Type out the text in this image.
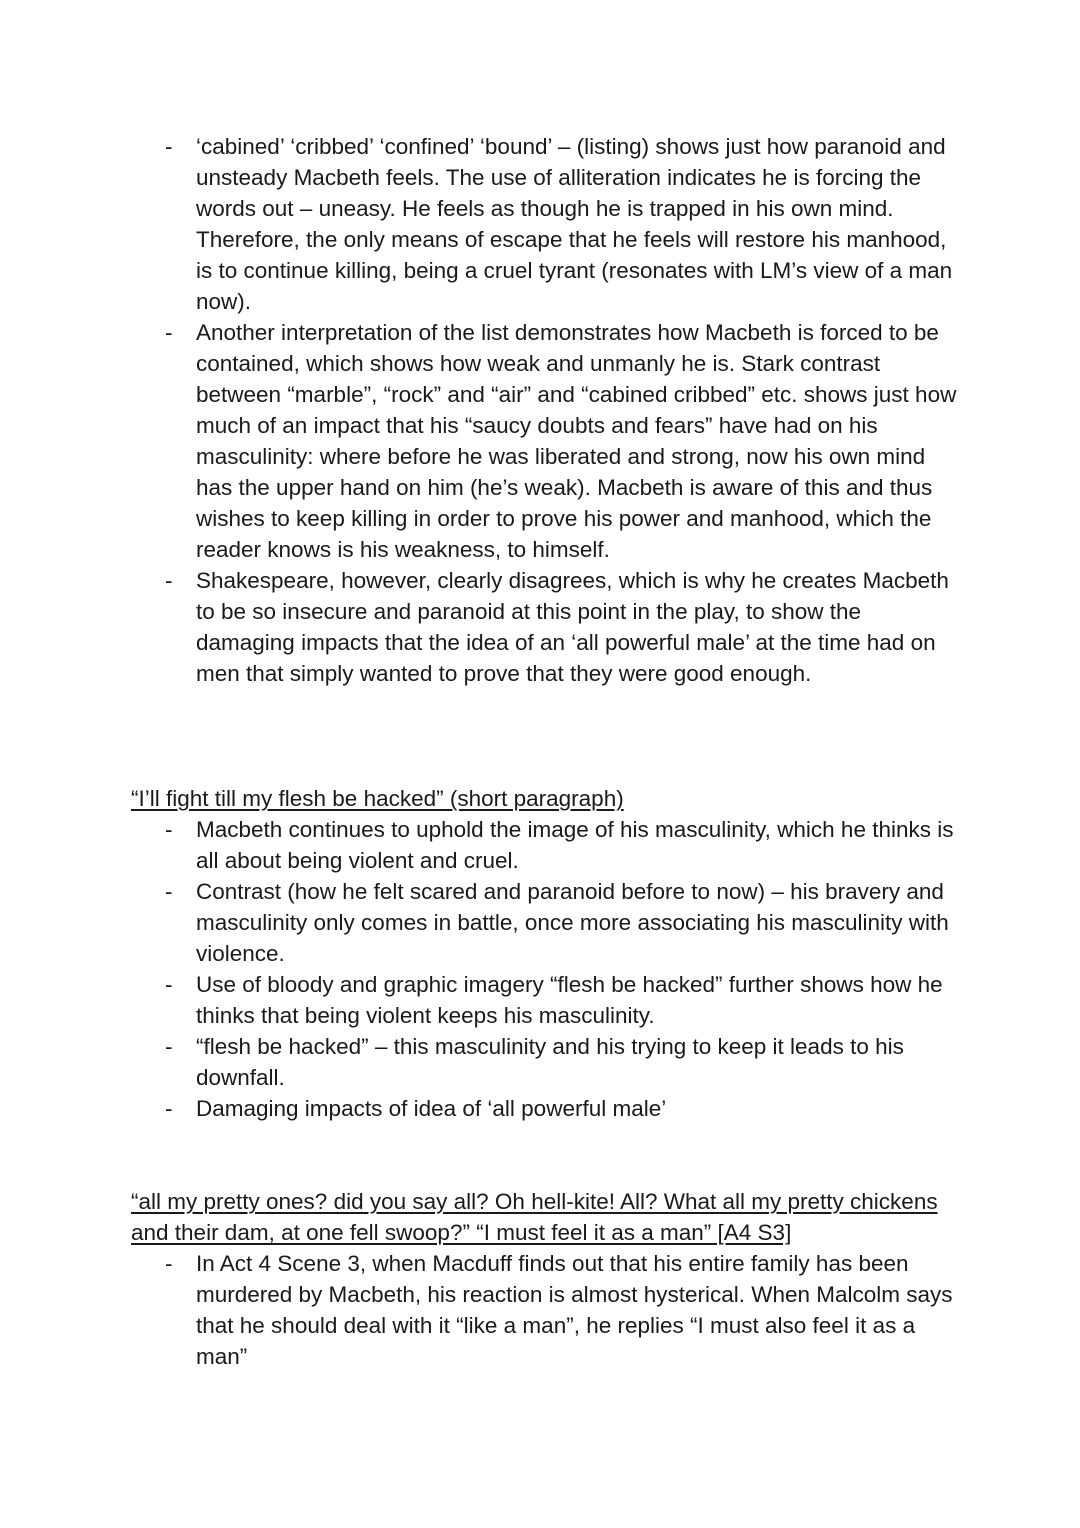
-	‘cabined’ ‘cribbed’ ‘confined’ ‘bound’ – (listing) shows just how paranoid and unsteady Macbeth feels. The use of alliteration indicates he is forcing the words out – uneasy. He feels as though he is trapped in his own mind. Therefore, the only means of escape that he feels will restore his manhood, is to continue killing, being a cruel tyrant (resonates with LM’s view of a man now).
-	Another interpretation of the list demonstrates how Macbeth is forced to be contained, which shows how weak and unmanly he is. Stark contrast between “marble”, “rock” and “air” and “cabined cribbed” etc. shows just how much of an impact that his “saucy doubts and fears” have had on his masculinity: where before he was liberated and strong, now his own mind has the upper hand on him (he’s weak). Macbeth is aware of this and thus wishes to keep killing in order to prove his power and manhood, which the reader knows is his weakness, to himself.
-	Shakespeare, however, clearly disagrees, which is why he creates Macbeth to be so insecure and paranoid at this point in the play, to show the damaging impacts that the idea of an ‘all powerful male’ at the time had on men that simply wanted to prove that they were good enough.
“I’ll fight till my flesh be hacked” (short paragraph)
-	Macbeth continues to uphold the image of his masculinity, which he thinks is all about being violent and cruel.
-	Contrast (how he felt scared and paranoid before to now) – his bravery and masculinity only comes in battle, once more associating his masculinity with violence.
-	Use of bloody and graphic imagery “flesh be hacked” further shows how he thinks that being violent keeps his masculinity.
-	“flesh be hacked” – this masculinity and his trying to keep it leads to his downfall.
-	Damaging impacts of idea of ‘all powerful male’
“all my pretty ones? did you say all? Oh hell-kite! All? What all my pretty chickens and their dam, at one fell swoop?” “I must feel it as a man” [A4 S3]
-	In Act 4 Scene 3, when Macduff finds out that his entire family has been murdered by Macbeth, his reaction is almost hysterical. When Malcolm says that he should deal with it “like a man”, he replies “I must also feel it as a man”
